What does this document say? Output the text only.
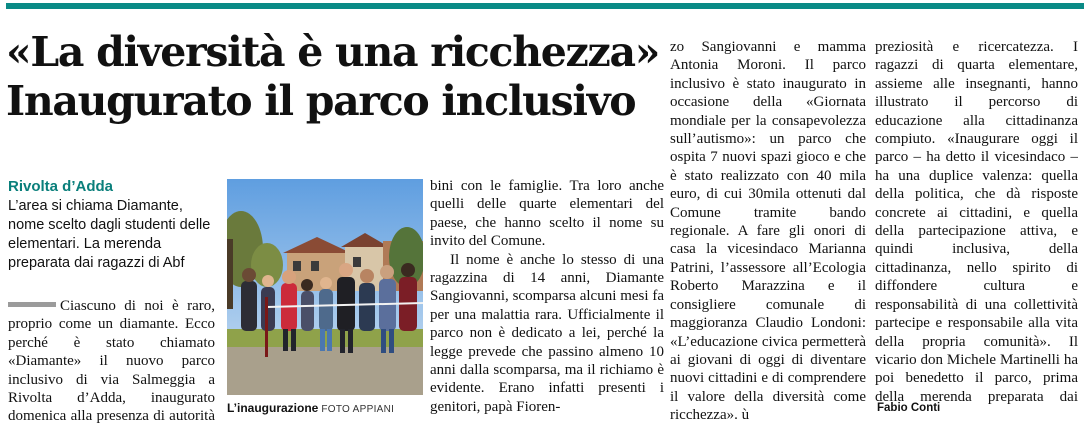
«La diversità è una ricchezza»
Inaugurato il parco inclusivo
Rivolta d’Adda

L’area si chiama Diamante, nome scelto dagli studenti delle elementari. La merenda preparata dai ragazzi di Abf

Ciascuno di noi è raro, proprio come un diamante. Ecco perché è stato chiamato «Diamante» il nuovo parco inclusivo di via Salmeggia a Rivolta d’Adda, inaugurato domenica alla presenza di autorità

L’inaugurazione FOTO APPIANI

bini con le famiglie. Tra loro anche quelli delle quarte elementari del paese, che hanno scelto il nome su invito del Comune.

Il nome è anche lo stesso di una ragazzina di 14 anni, Diamante Sangiovanni, scomparsa alcuni mesi fa per una malattia rara. Ufficialmente il parco non è dedicato a lei, perché la legge prevede che passino almeno 10 anni dalla scomparsa, ma il richiamo è evidente. Erano infatti presenti i genitori, papà Fioren-

zo Sangiovanni e mamma Antonia Moroni. Il parco inclusivo è stato inaugurato in occasione della «Giornata mondiale per la consapevolezza sull’autismo»: un parco che ospita 7 nuovi spazi gioco e che è stato realizzato con 40 mila euro, di cui 30mila ottenuti dal Comune tramite bando regionale. A fare gli onori di casa la vicesindaco Marianna Patrini, l’assessore all’Ecologia Roberto Marazzina e il consigliere comunale di maggioranza Claudio Londoni: «L’educazione civica permetterà ai giovani di oggi di diventare nuovi cittadini e di comprendere il valore della diversità come ricchezza». ù

preziosità e ricercatezza. I ragazzi di quarta elementare, assieme alle insegnanti, hanno illustrato il percorso di educazione alla cittadinanza compiuto. «Inaugurare oggi il parco – ha detto il vicesindaco – ha una duplice valenza: quella della politica, che dà risposte concrete ai cittadini, e quella della partecipazione attiva, e quindi inclusiva, della cittadinanza, nello spirito di diffondere cultura e responsabilità di una collettività partecipe e responsabile alla vita della propria comunità». Il vicario don Michele Martinelli ha poi benedetto il parco, prima della merenda preparata dai

Fabio Conti
